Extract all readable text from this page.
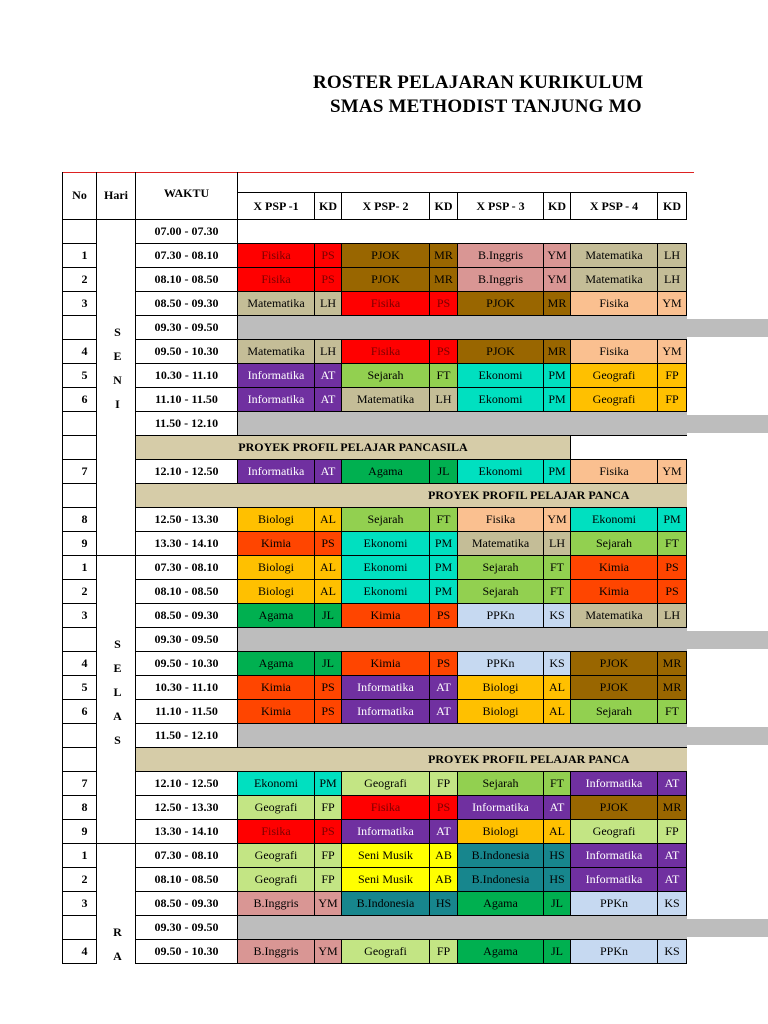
ROSTER PELAJARAN KURIKULUM
SMAS METHODIST TANJUNG MO
No	Hari	WAKTU								
			X PSP -1	KD	X PSP- 2	KD	X PSP - 3	KD	X PSP - 4	KD
		07.00 - 07.30								
1		07.30 - 08.10	Fisika	PS	PJOK	MR	B.Inggris	YM	Matematika	LH
2		08.10 - 08.50	Fisika	PS	PJOK	MR	B.Inggris	YM	Matematika	LH
3		08.50 - 09.30	Matematika	LH	Fisika	PS	PJOK	MR	Fisika	YM
	S	09.30 - 09.50								
4	E	09.50 - 10.30	Matematika	LH	Fisika	PS	PJOK	MR	Fisika	YM
5	N	10.30 - 11.10	Informatika	AT	Sejarah	FT	Ekonomi	PM	Geografi	FP
6	I	11.10 - 11.50	Informatika	AT	Matematika	LH	Ekonomi	PM	Geografi	FP
		11.50 - 12.10								
		PROYEK PROFIL PELAJAR PANCASILA								
7		12.10 - 12.50	Informatika	AT	Agama	JL	Ekonomi	PM	Fisika	YM
		PROYEK PROFIL PELAJAR PANCA								
8		12.50 - 13.30	Biologi	AL	Sejarah	FT	Fisika	YM	Ekonomi	PM
9		13.30 - 14.10	Kimia	PS	Ekonomi	PM	Matematika	LH	Sejarah	FT
1		07.30 - 08.10	Biologi	AL	Ekonomi	PM	Sejarah	FT	Kimia	PS
2		08.10 - 08.50	Biologi	AL	Ekonomi	PM	Sejarah	FT	Kimia	PS
3		08.50 - 09.30	Agama	JL	Kimia	PS	PPKn	KS	Matematika	LH
	S	09.30 - 09.50								
4	E	09.50 - 10.30	Agama	JL	Kimia	PS	PPKn	KS	PJOK	MR
5	L	10.30 - 11.10	Kimia	PS	Informatika	AT	Biologi	AL	PJOK	MR
6	A	11.10 - 11.50	Kimia	PS	Informatika	AT	Biologi	AL	Sejarah	FT
	S	11.50 - 12.10								
		PROYEK PROFIL PELAJAR PANCA								
7		12.10 - 12.50	Ekonomi	PM	Geografi	FP	Sejarah	FT	Informatika	AT
8		12.50 - 13.30	Geografi	FP	Fisika	PS	Informatika	AT	PJOK	MR
9		13.30 - 14.10	Fisika	PS	Informatika	AT	Biologi	AL	Geografi	FP
1		07.30 - 08.10	Geografi	FP	Seni Musik	AB	B.Indonesia	HS	Informatika	AT
2		08.10 - 08.50	Geografi	FP	Seni Musik	AB	B.Indonesia	HS	Informatika	AT
3		08.50 - 09.30	B.Inggris	YM	B.Indonesia	HS	Agama	JL	PPKn	KS
	R	09.30 - 09.50								
4	A	09.50 - 10.30	B.Inggris	YM	Geografi	FP	Agama	JL	PPKn	KS
